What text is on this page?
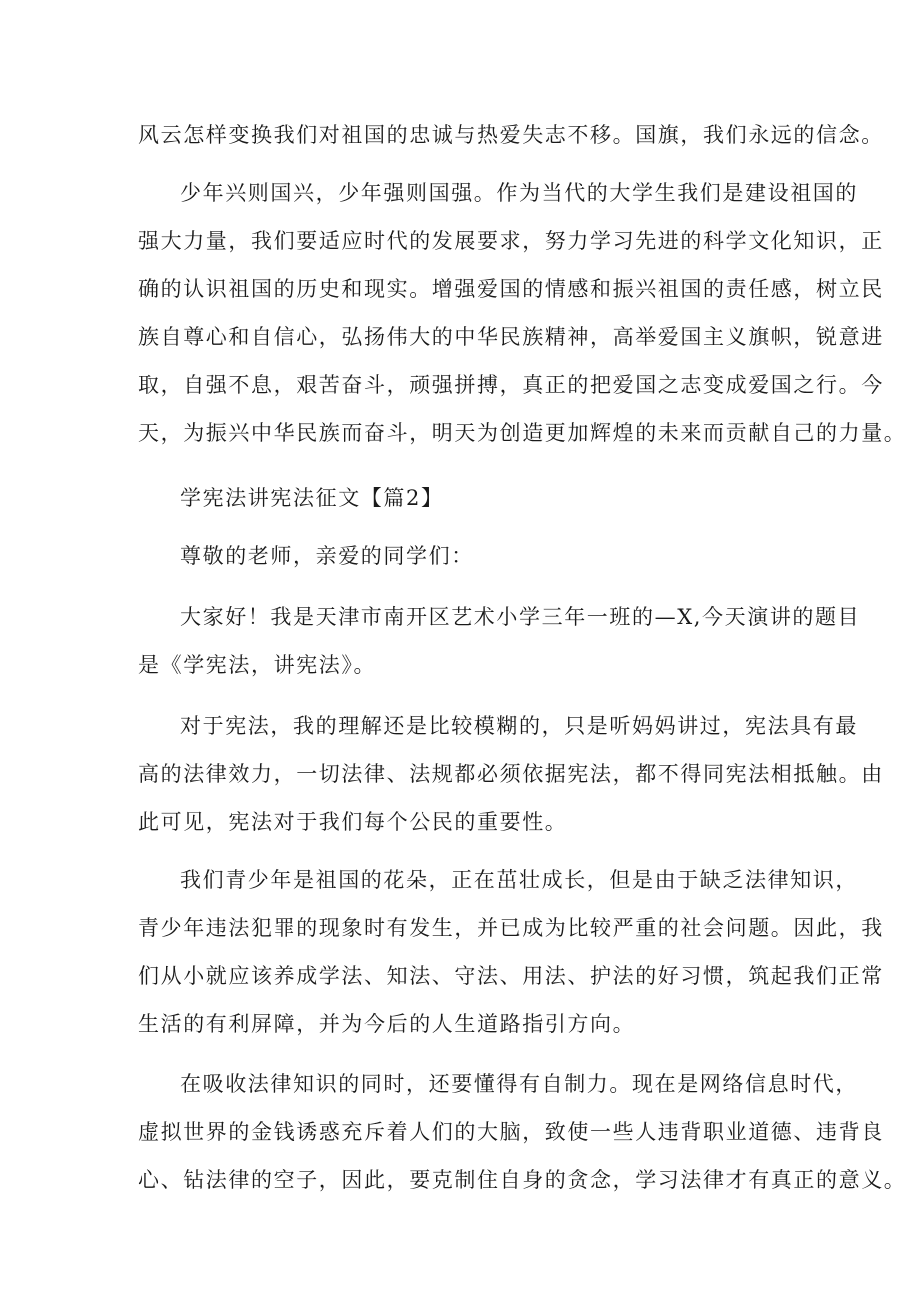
风云怎样变换我们对祖国的忠诚与热爱失志不移。国旗，我们永远的信念。
少年兴则国兴，少年强则国强。作为当代的大学生我们是建设祖国的
强大力量，我们要适应时代的发展要求，努力学习先进的科学文化知识，正
确的认识祖国的历史和现实。增强爱国的情感和振兴祖国的责任感，树立民
族自尊心和自信心，弘扬伟大的中华民族精神，高举爱国主义旗帜，锐意进
取，自强不息，艰苦奋斗，顽强拼搏，真正的把爱国之志变成爱国之行。今
天，为振兴中华民族而奋斗，明天为创造更加辉煌的未来而贡献自己的力量。
学宪法讲宪法征文【篇2】
尊敬的老师，亲爱的同学们：
大家好！我是天津市南开区艺术小学三年一班的—X,今天演讲的题目
是《学宪法，讲宪法》。
对于宪法，我的理解还是比较模糊的，只是听妈妈讲过，宪法具有最
高的法律效力，一切法律、法规都必须依据宪法，都不得同宪法相抵触。由
此可见，宪法对于我们每个公民的重要性。
我们青少年是祖国的花朵，正在茁壮成长，但是由于缺乏法律知识，
青少年违法犯罪的现象时有发生，并已成为比较严重的社会问题。因此，我
们从小就应该养成学法、知法、守法、用法、护法的好习惯，筑起我们正常
生活的有利屏障，并为今后的人生道路指引方向。
在吸收法律知识的同时，还要懂得有自制力。现在是网络信息时代，
虚拟世界的金钱诱惑充斥着人们的大脑，致使一些人违背职业道德、违背良
心、钻法律的空子，因此，要克制住自身的贪念，学习法律才有真正的意义。
